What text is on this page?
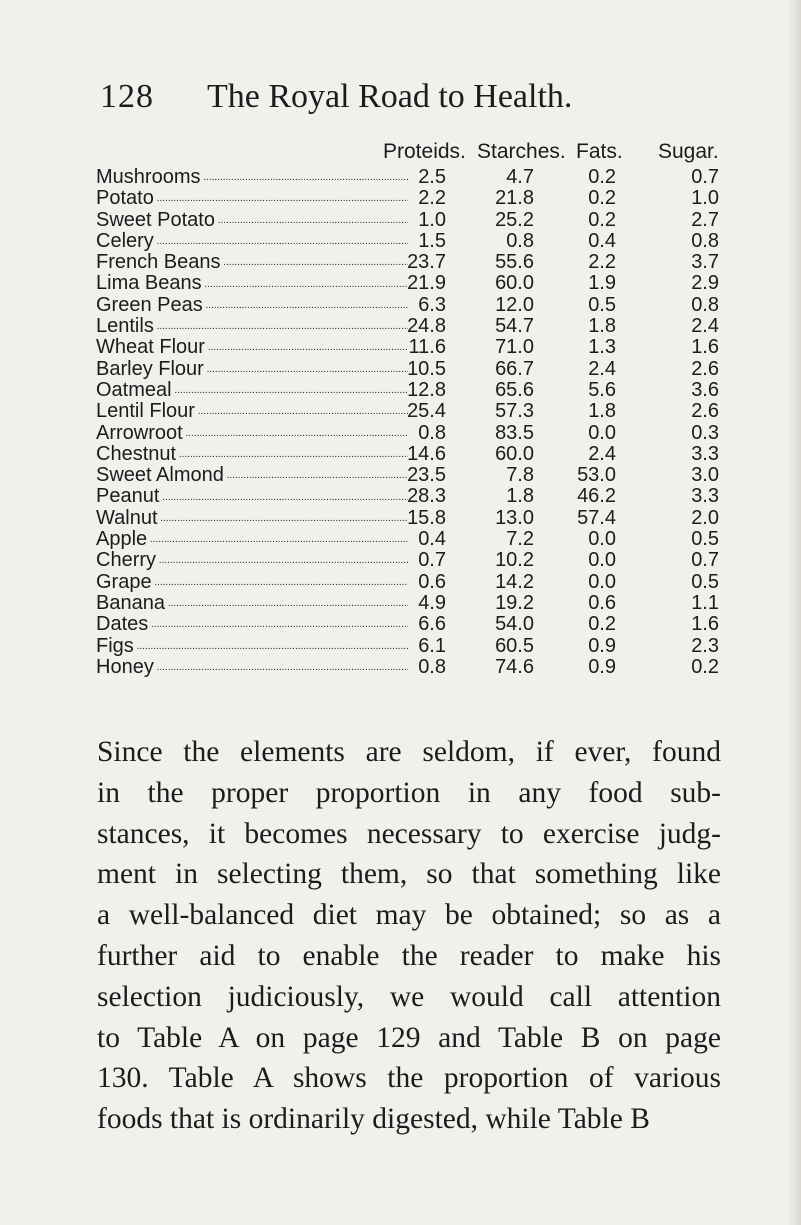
128 The Royal Road to Health.
Proteids. Starches. Fats. Sugar.
Mushrooms .....	2.5	4.7	0.2	0.7
Potato .....	2.2	21.8	0.2	1.0
Sweet Potato .....	1.0	25.2	0.2	2.7
Celery .....	1.5	0.8	0.4	0.8
French Beans .....	23.7	55.6	2.2	3.7
Lima Beans .....	21.9	60.0	1.9	2.9
Green Peas .....	6.3	12.0	0.5	0.8
Lentils .....	24.8	54.7	1.8	2.4
Wheat Flour .....	11.6	71.0	1.3	1.6
Barley Flour .....	10.5	66.7	2.4	2.6
Oatmeal .....	12.8	65.6	5.6	3.6
Lentil Flour .....	25.4	57.3	1.8	2.6
Arrowroot .....	0.8	83.5	0.0	0.3
Chestnut .....	14.6	60.0	2.4	3.3
Sweet Almond .....	23.5	7.8	53.0	3.0
Peanut .....	28.3	1.8	46.2	3.3
Walnut .....	15.8	13.0	57.4	2.0
Apple .....	0.4	7.2	0.0	0.5
Cherry .....	0.7	10.2	0.0	0.7
Grape .....	0.6	14.2	0.0	0.5
Banana .....	4.9	19.2	0.6	1.1
Dates .....	6.6	54.0	0.2	1.6
Figs .....	6.1	60.5	0.9	2.3
Honey .....	0.8	74.6	0.9	0.2
Since the elements are seldom, if ever, found
in the proper proportion in any food sub-
stances, it becomes necessary to exercise judg-
ment in selecting them, so that something like
a well-balanced diet may be obtained; so as a
further aid to enable the reader to make his
selection judiciously, we would call attention
to Table A on page 129 and Table B on page
130. Table A shows the proportion of various
foods that is ordinarily digested, while Table B
